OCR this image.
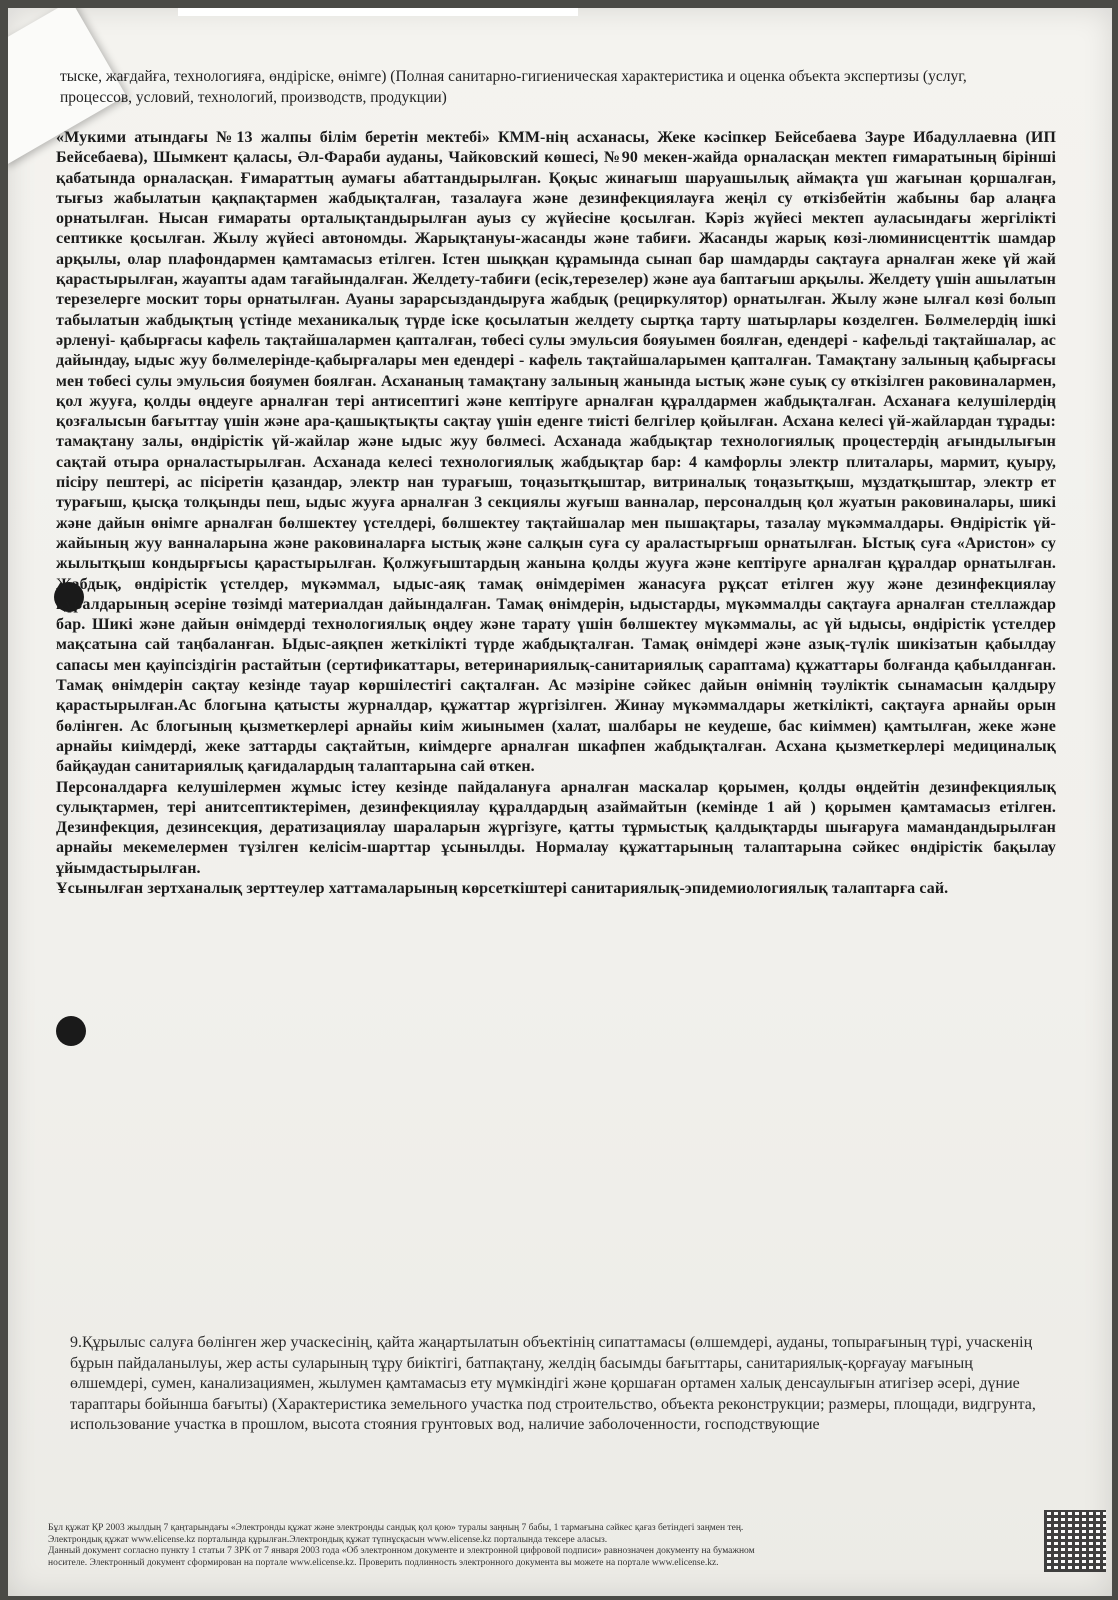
тыске, жағдайға, технологияға, өндіріске, өнімге) (Полная санитарно-гигиеническая характеристика и оценка объекта экспертизы (услуг, процессов, условий, технологий, производств, продукции)

«Мукими атындағы №13 жалпы білім беретін мектебі» КММ-нің асханасы, Жеке кәсіпкер Бейсебаева Зауре Ибадуллаевна (ИП Бейсебаева), Шымкент қаласы, Әл-Фараби ауданы, Чайковский көшесі, №90 мекен-жайда орналасқан мектеп ғимаратының бірінші қабатында орналасқан. Ғимараттың аумағы абаттандырылған. Қоқыс жинағыш шаруашылық аймақта үш жағынан қоршалған, тығыз жабылатын қақпақтармен жабдықталған, тазалауға және дезинфекциялауға жеңіл су өткізбейтін жабыны бар алаңға орнатылған. Нысан ғимараты орталықтандырылған ауыз су жүйесіне қосылған. Кәріз жүйесі мектеп ауласындағы жергілікті септикке қосылған. Жылу жүйесі автономды. Жарықтануы-жасанды және табиғи. Жасанды жарық көзі-люминисценттік шамдар арқылы, олар плафондармен қамтамасыз етілген. Істен шыққан құрамында сынап бар шамдарды сақтауға арналған жеке үй жай қарастырылған, жауапты адам тағайындалған. Желдету-табиғи (есік,терезелер) және ауа баптағыш арқылы. Желдету үшін ашылатын терезелерге москит торы орнатылған. Ауаны зарарсыздандыруға жабдық (рециркулятор) орнатылған. Жылу және ылғал көзі болып табылатын жабдықтың үстінде механикалық түрде іске қосылатын желдету сыртқа тарту шатырлары көзделген. Бөлмелердің ішкі әрленуі- қабырғасы кафель тақтайшалармен қапталған, төбесі сулы эмульсия бояуымен боялған, едендері - кафельді тақтайшалар, ас дайындау, ыдыс жуу бөлмелерінде-қабырғалары мен едендері - кафель тақтайшаларымен қапталған. Тамақтану залының қабырғасы мен төбесі сулы эмульсия бояумен боялған. Асхананың тамақтану залының жанында ыстық және суық су өткізілген раковиналармен, қол жууға, қолды өңдеуге арналған тері антисептигі және кептіруге арналған құралдармен жабдықталған. Асханаға келушілердің қозғалысын бағыттау үшін және ара-қашықтықты сақтау үшін еденге тиісті белгілер қойылған. Асхана келесі үй-жайлардан тұрады: тамақтану залы, өндірістік үй-жайлар және ыдыс жуу бөлмесі. Асханада жабдықтар технологиялық процестердің ағындылығын сақтай отыра орналастырылған. Асханада келесі технологиялық жабдықтар бар: 4 камфорлы электр плиталары, мармит, қуыру, пісіру пештері, ас пісіретін қазандар, электр нан турағыш, тоңазытқыштар, витриналық тоңазытқыш, мұздатқыштар, электр ет турағыш, қысқа толқынды пеш, ыдыс жууға арналған 3 секциялы жуғыш ванналар, персоналдың қол жуатын раковиналары, шикі және дайын өнімге арналған бөлшектеу үстелдері, бөлшектеу тақтайшалар мен пышақтары, тазалау мүкәммалдары. Өндірістік үй-жайының жуу ванналарына және раковиналарға ыстық және салқын суға су араластырғыш орнатылған. Ыстық суға «Аристон» су жылытқыш кондырғысы қарастырылған. Қолжуғыштардың жанына қолды жууға және кептіруге арналған құралдар орнатылған. Жабдық, өндірістік үстелдер, мүкәммал, ыдыс-аяқ тамақ өнімдерімен жанасуға рұқсат етілген жуу және дезинфекциялау құралдарының әсеріне төзімді материалдан дайындалған. Тамақ өнімдерін, ыдыстарды, мүкәммалды сақтауға арналған стеллаждар бар. Шикі және дайын өнімдерді технологиялық өңдеу және тарату үшін бөлшектеу мүкәммалы, ас үй ыдысы, өндірістік үстелдер мақсатына сай таңбаланған. Ыдыс-аяқпен жеткілікті түрде жабдықталған. Тамақ өнімдері және азық-түлік шикізатын қабылдау сапасы мен қауіпсіздігін растайтын (сертификаттары, ветеринариялық-санитариялық сараптама) құжаттары болғанда қабылданған. Тамақ өнімдерін сақтау кезінде тауар көршілестігі сақталған. Ас мәзіріне сәйкес дайын өнімнің тәуліктік сынамасын қалдыру қарастырылған.Ас блогына қатысты журналдар, құжаттар жүргізілген. Жинау мүкәммалдары жеткілікті, сақтауға арнайы орын бөлінген. Ас блогының қызметкерлері арнайы киім жиынымен (халат, шалбары не кеудеше, бас киіммен) қамтылған, жеке және арнайы киімдерді, жеке заттарды сақтайтын, киімдерге арналған шкафпен жабдықталған. Асхана қызметкерлері медициналық байқаудан санитариялық қағидалардың талаптарына сай өткен.

Персоналдарға келушілермен жұмыс істеу кезінде пайдалануға арналған маскалар қорымен, қолды өңдейтін дезинфекциялық сулықтармен, тері анитсептиктерімен, дезинфекциялау құралдардың азаймайтын (кемінде 1 ай ) қорымен қамтамасыз етілген. Дезинфекция, дезинсекция, дератизациялау шараларын жүргізуге, қатты тұрмыстық қалдықтарды шығаруға мамандандырылған арнайы мекемелермен түзілген келісім-шарттар ұсынылды. Нормалау құжаттарының талаптарына сәйкес өндірістік бақылау ұйымдастырылған.

Ұсынылған зертханалық зерттеулер хаттамаларының көрсеткіштері санитариялық-эпидемиологиялық талаптарға сай.

9.Құрылыс салуға бөлінген жер учаскесінің, қайта жаңартылатын объектінің сипаттамасы (өлшемдері, ауданы, топырағының түрі, учаскенің бұрын пайдаланылуы, жер асты суларының тұру биіктігі, батпақтану, желдің басымды бағыттары, санитариялық-қорғауау мағының өлшемдері, сумен, канализациямен, жылумен қамтамасыз ету мүмкіндігі және қоршаған ортамен халық денсаулығын атигізер әсері, дүние тараптары бойынша бағыты) (Характеристика земельного участка под строительство, объекта реконструкции; размеры, площади, видгрунта, использование участка в прошлом, высота стояния грунтовых вод, наличие заболоченности, господствующие
Бұл құжат ҚР 2003 жылдың 7 қаңтарындағы «Электронды құжат және электронды сандық қол қою» туралы заңның 7 бабы, 1 тармағына сәйкес қағаз бетіндегі заңмен тең.
Электрондық құжат www.elicense.kz порталында құрылған.Электрондық құжат түпнұсқасын www.elicense.kz порталында тексере аласыз.
Данный документ согласно пункту 1 статьи 7 ЗРК от 7 января 2003 года «Об электронном документе и электронной цифровой подписи» равнозначен документу на бумажном
носителе. Электронный документ сформирован на портале www.elicense.kz. Проверить подлинность электронного документа вы можете на портале www.elicense.kz.
